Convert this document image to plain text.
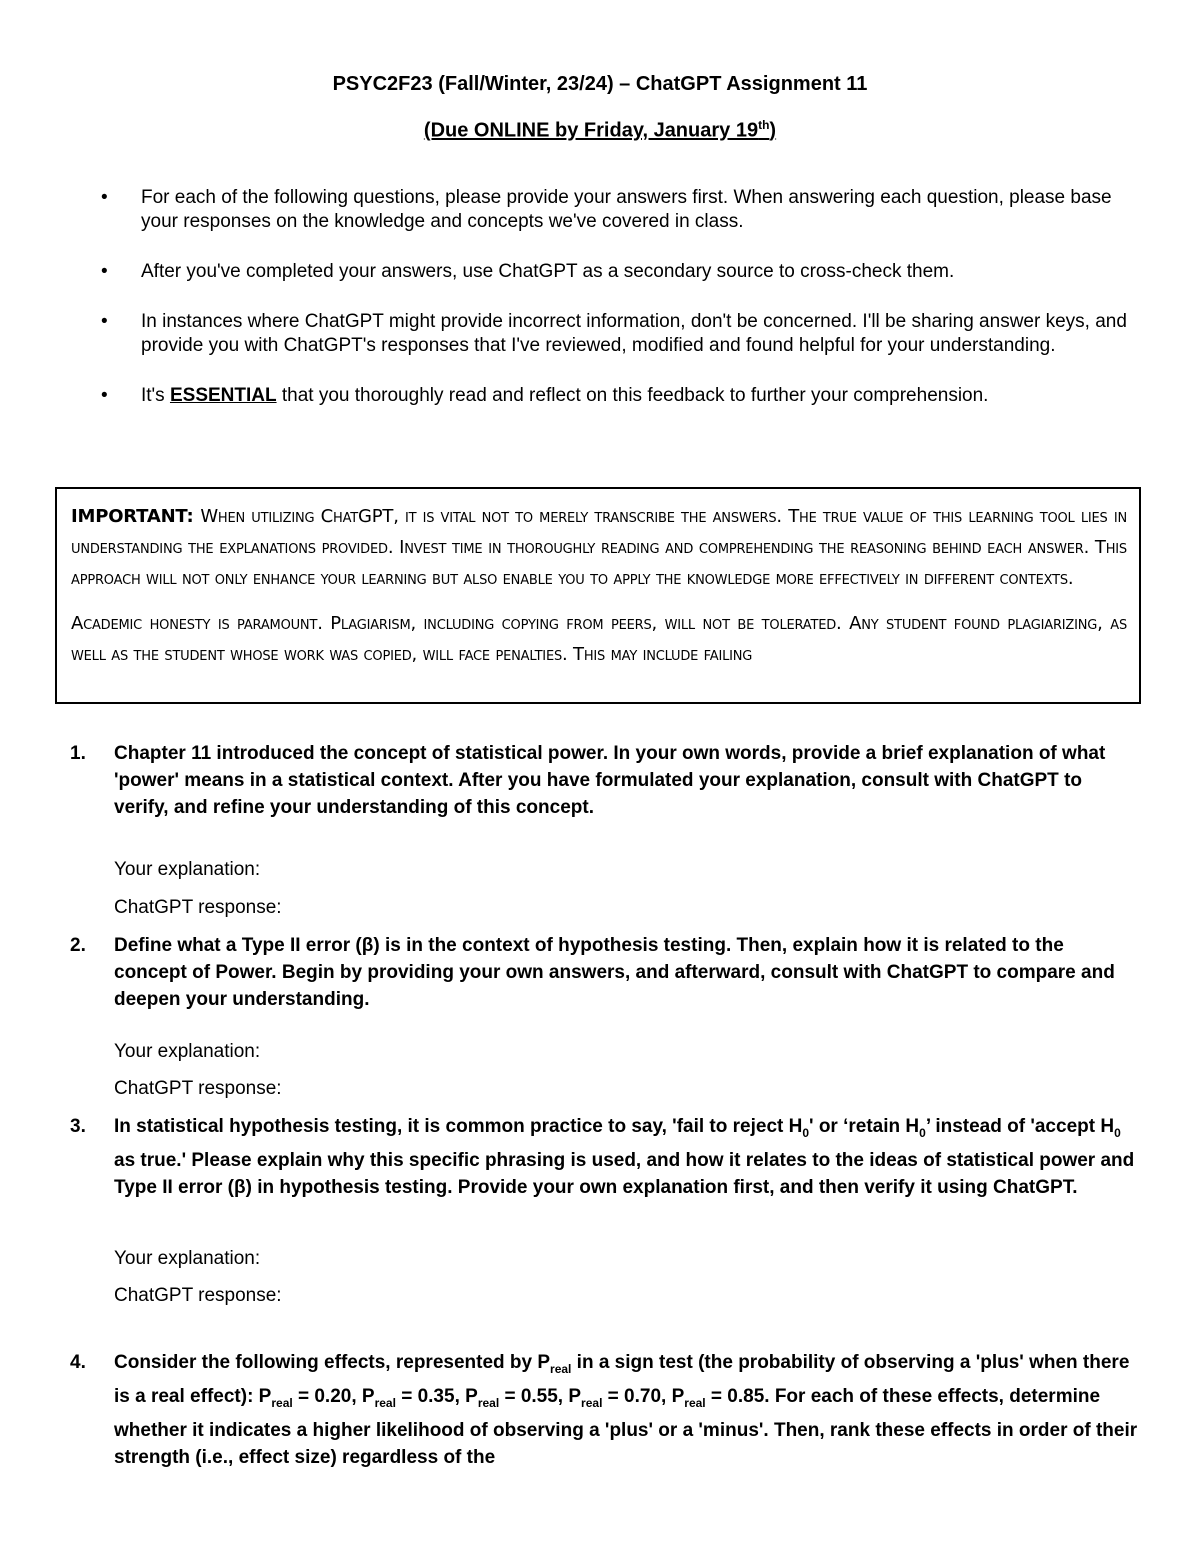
PSYC2F23 (Fall/Winter, 23/24) – ChatGPT Assignment 11
(Due ONLINE by Friday, January 19th)
• For each of the following questions, please provide your answers first. When answering each question, please base your responses on the knowledge and concepts we've covered in class.
• After you've completed your answers, use ChatGPT as a secondary source to cross-check them.
• In instances where ChatGPT might provide incorrect information, don't be concerned. I'll be sharing answer keys, and provide you with ChatGPT's responses that I've reviewed, modified and found helpful for your understanding.
• It's ESSENTIAL that you thoroughly read and reflect on this feedback to further your comprehension.

IMPORTANT: When utilizing ChatGPT, it is vital not to merely transcribe the answers. The true value of this learning tool lies in understanding the explanations provided. Invest time in thoroughly reading and comprehending the reasoning behind each answer. This approach will not only enhance your learning but also enable you to apply the knowledge more effectively in different contexts.

Academic honesty is paramount. Plagiarism, including copying from peers, will not be tolerated. Any student found plagiarizing, as well as the student whose work was copied, will face penalties. This may include failing

1. Chapter 11 introduced the concept of statistical power. In your own words, provide a brief explanation of what 'power' means in a statistical context. After you have formulated your explanation, consult with ChatGPT to verify, and refine your understanding of this concept.
Your explanation:
ChatGPT response:
2. Define what a Type II error (β) is in the context of hypothesis testing. Then, explain how it is related to the concept of Power. Begin by providing your own answers, and afterward, consult with ChatGPT to compare and deepen your understanding.
Your explanation:
ChatGPT response:
3. In statistical hypothesis testing, it is common practice to say, 'fail to reject $H_0'$ or ‘retain $H_0$’ instead of 'accept $H_0$ as true.' Please explain why this specific phrasing is used, and how it relates to the ideas of statistical power and Type II error (β) in hypothesis testing. Provide your own explanation first, and then verify it using ChatGPT.
Your explanation:
ChatGPT response:
4. Consider the following effects, represented by $P_{real}$ in a sign test (the probability of observing a 'plus' when there is a real effect): $P_{real} = 0.20$, $P_{real} = 0.35$, $P_{real} = 0.55$, $P_{real} = 0.70$, $P_{real} = 0.85$. For each of these effects, determine whether it indicates a higher likelihood of observing a 'plus' or a 'minus'. Then, rank these effects in order of their strength (i.e., effect size) regardless of the
